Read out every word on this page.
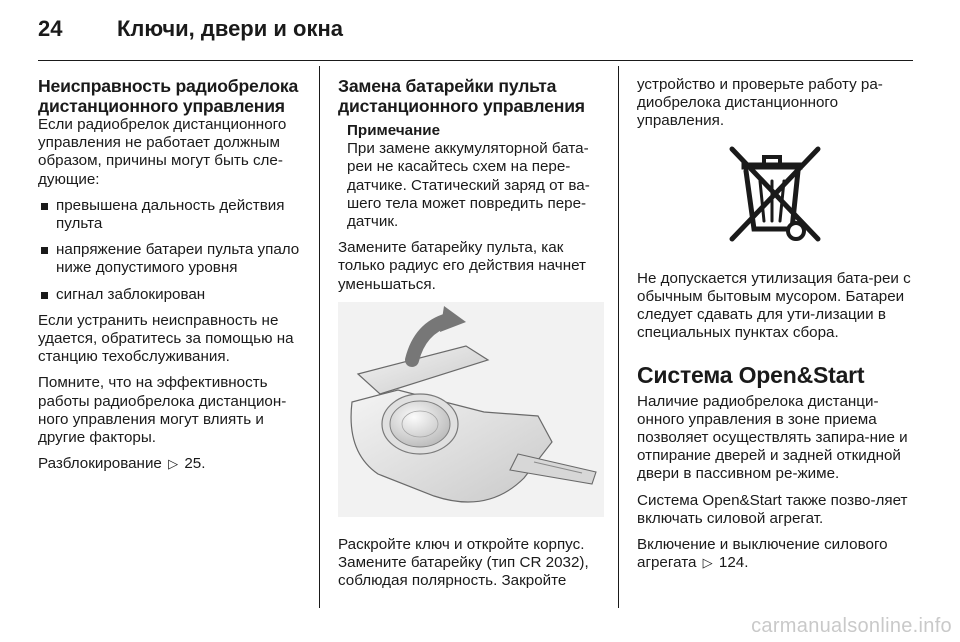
24 Ключи, двери и окна
Неисправность радиобрелока дистанционного управления

Если радиобрелок дистанционного управления не работает должным образом, причины могут быть сле-дующие:

превышена дальность действия пульта
напряжение батареи пульта упало ниже допустимого уровня
сигнал заблокирован

Если устранить неисправность не удается, обратитесь за помощью на станцию техобслуживания.

Помните, что на эффективность работы радиобрелока дистанцион-ного управления могут влиять и другие факторы.

Разблокирование ▷ 25.

Замена батарейки пульта дистанционного управления
Примечание
При замене аккумуляторной бата-реи не касайтесь схем на пере-датчике. Статический заряд от ва-шего тела может повредить пере-датчик.

Замените батарейку пульта, как только радиус его действия начнет уменьшаться.

Раскройте ключ и откройте корпус. Замените батарейку (тип CR 2032), соблюдая полярность. Закройте

устройство и проверьте работу ра-диобрелока дистанционного управления.

Не допускается утилизация бата-реи с обычным бытовым мусором. Батареи следует сдавать для ути-лизации в специальных пунктах сбора.

Система Open&Start

Наличие радиобрелока дистанци-онного управления в зоне приема позволяет осуществлять запира-ние и отпирание дверей и задней откидной двери в пассивном ре-жиме.

Система Open&Start также позво-ляет включать силовой агрегат.

Включение и выключение силового агрегата ▷ 124.

carmanualsonline.info
